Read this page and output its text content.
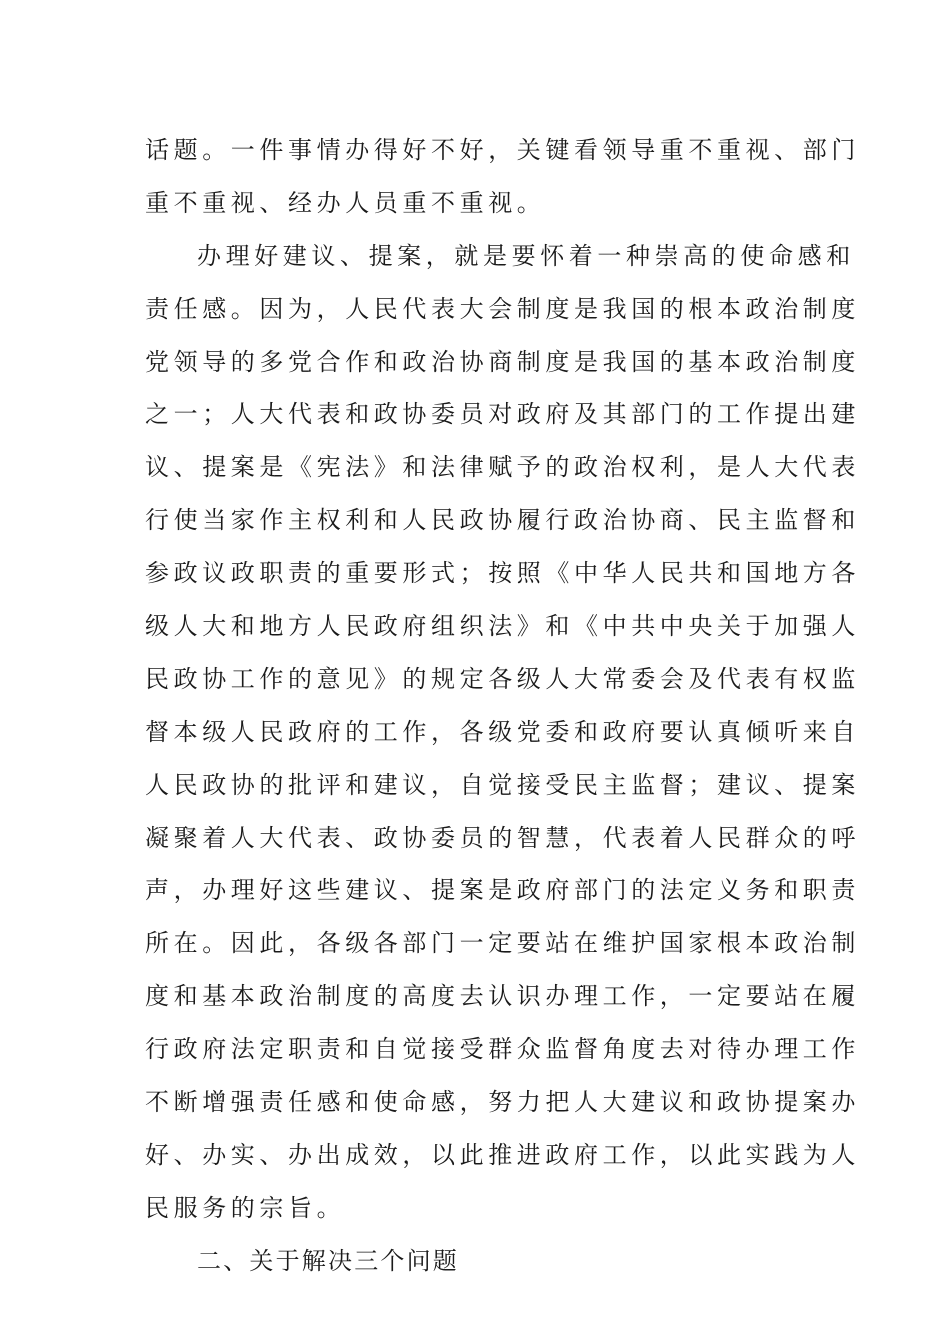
话题。一件事情办得好不好，关键看领导重不重视、部门
重不重视、经办人员重不重视。
办理好建议、提案，就是要怀着一种崇高的使命感和
责任感。因为，人民代表大会制度是我国的根本政治制度
党领导的多党合作和政治协商制度是我国的基本政治制度
之一；人大代表和政协委员对政府及其部门的工作提出建
议、提案是《宪法》和法律赋予的政治权利，是人大代表
行使当家作主权利和人民政协履行政治协商、民主监督和
参政议政职责的重要形式；按照《中华人民共和国地方各
级人大和地方人民政府组织法》和《中共中央关于加强人
民政协工作的意见》的规定各级人大常委会及代表有权监
督本级人民政府的工作，各级党委和政府要认真倾听来自
人民政协的批评和建议，自觉接受民主监督；建议、提案
凝聚着人大代表、政协委员的智慧，代表着人民群众的呼
声，办理好这些建议、提案是政府部门的法定义务和职责
所在。因此，各级各部门一定要站在维护国家根本政治制
度和基本政治制度的高度去认识办理工作，一定要站在履
行政府法定职责和自觉接受群众监督角度去对待办理工作
不断增强责任感和使命感，努力把人大建议和政协提案办
好、办实、办出成效，以此推进政府工作，以此实践为人
民服务的宗旨。
二、关于解决三个问题
